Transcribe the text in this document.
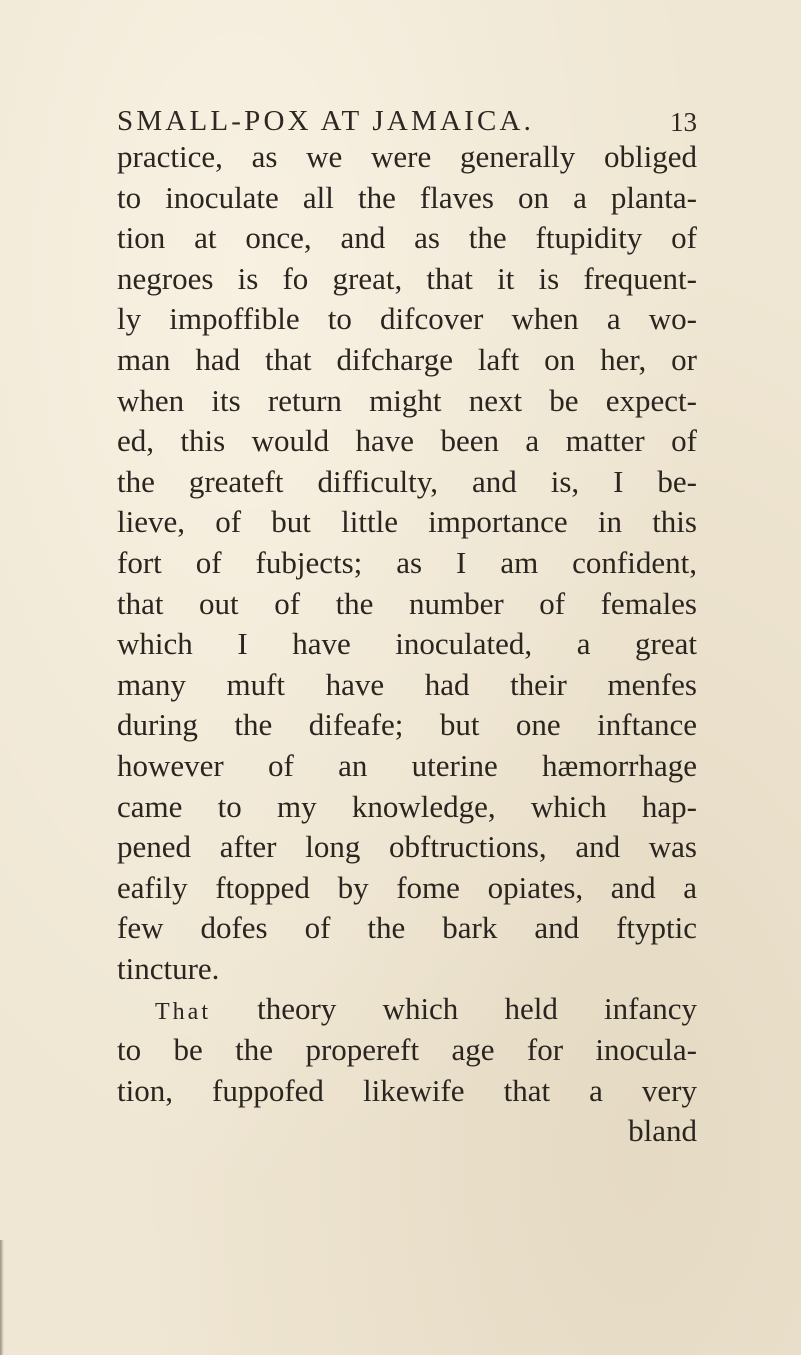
SMALL-POX AT JAMAICA.	13
practice, as we were generally obliged
to inoculate all the flaves on a planta-
tion at once, and as the ftupidity of
negroes is fo great, that it is frequent-
ly impoffible to difcover when a wo-
man had that difcharge laft on her, or
when its return might next be expect-
ed, this would have been a matter of
the greateft difficulty, and is, I be-
lieve, of but little importance in this
fort of fubjects; as I am confident,
that out of the number of females
which I have inoculated, a great
many muft have had their menfes
during the difeafe; but one inftance
however of an uterine hæmorrhage
came to my knowledge, which hap-
pened after long obftructions, and was
eafily ftopped by fome opiates, and a
few dofes of the bark and ftyptic
tincture.
That theory which held infancy
to be the propereft age for inocula-
tion, fuppofed likewife that a very
bland
